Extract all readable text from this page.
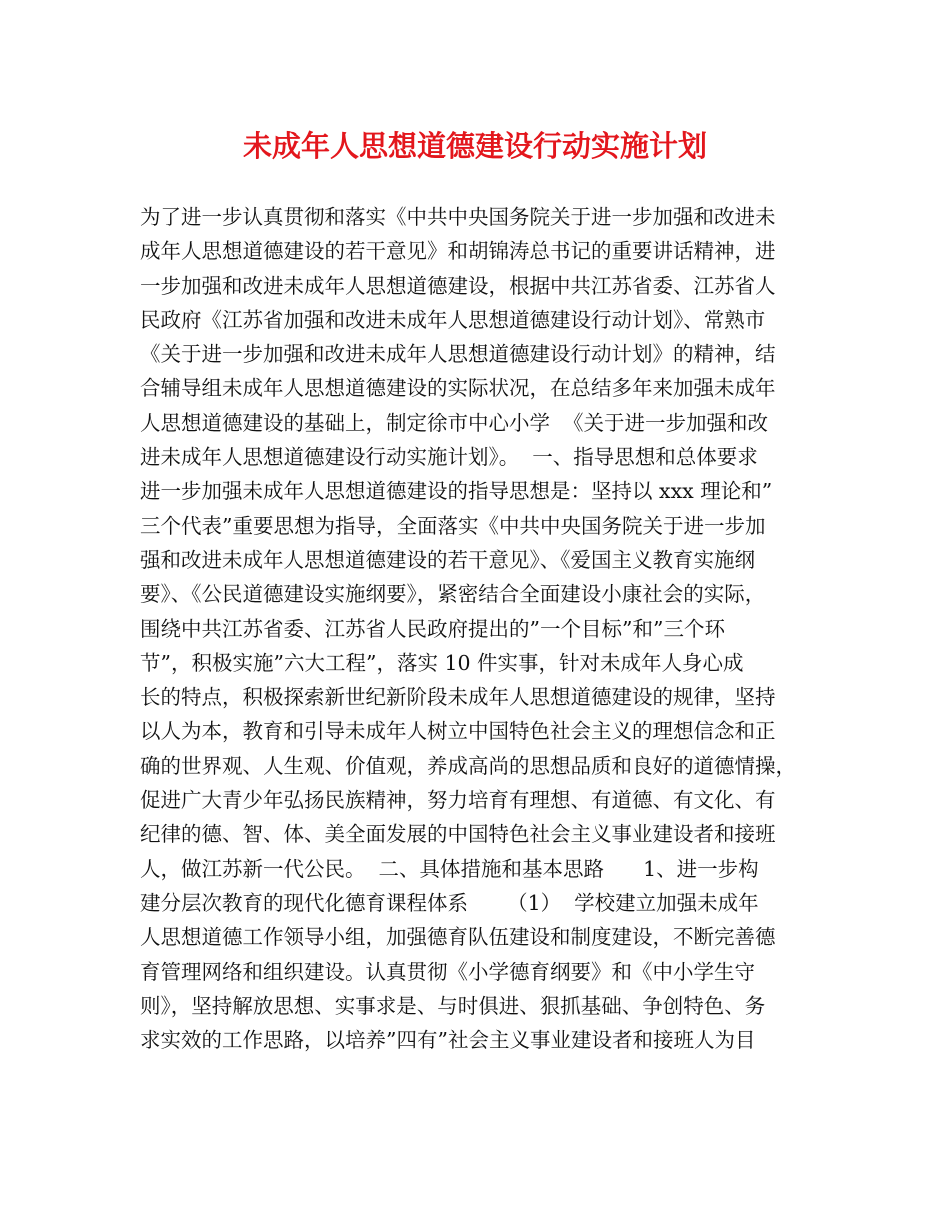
未成年人思想道德建设行动实施计划
为了进一步认真贯彻和落实《中共中央国务院关于进一步加强和改进未
成年人思想道德建设的若干意见》和胡锦涛总书记的重要讲话精神，进
一步加强和改进未成年人思想道德建设，根据中共江苏省委、江苏省人
民政府《江苏省加强和改进未成年人思想道德建设行动计划》、常熟市
《关于进一步加强和改进未成年人思想道德建设行动计划》的精神，结
合辅导组未成年人思想道德建设的实际状况，在总结多年来加强未成年
人思想道德建设的基础上，制定徐市中心小学  《关于进一步加强和改
进未成年人思想道德建设行动实施计划》。  一、指导思想和总体要求
进一步加强未成年人思想道德建设的指导思想是：坚持以 xxx 理论和”
三个代表”重要思想为指导，全面落实《中共中央国务院关于进一步加
强和改进未成年人思想道德建设的若干意见》、《爱国主义教育实施纲
要》、《公民道德建设实施纲要》，紧密结合全面建设小康社会的实际，
围绕中共江苏省委、江苏省人民政府提出的”一个目标”和”三个环
节”，积极实施”六大工程”，落实 10 件实事，针对未成年人身心成
长的特点，积极探索新世纪新阶段未成年人思想道德建设的规律，坚持
以人为本，教育和引导未成年人树立中国特色社会主义的理想信念和正
确的世界观、人生观、价值观，养成高尚的思想品质和良好的道德情操，
促进广大青少年弘扬民族精神，努力培育有理想、有道德、有文化、有
纪律的德、智、体、美全面发展的中国特色社会主义事业建设者和接班
人，做江苏新一代公民。  二、具体措施和基本思路      1、进一步构
建分层次教育的现代化德育课程体系      （1）  学校建立加强未成年
人思想道德工作领导小组，加强德育队伍建设和制度建设，不断完善德
育管理网络和组织建设。认真贯彻《小学德育纲要》和《中小学生守
则》，坚持解放思想、实事求是、与时俱进、狠抓基础、争创特色、务
求实效的工作思路，以培养”四有”社会主义事业建设者和接班人为目
